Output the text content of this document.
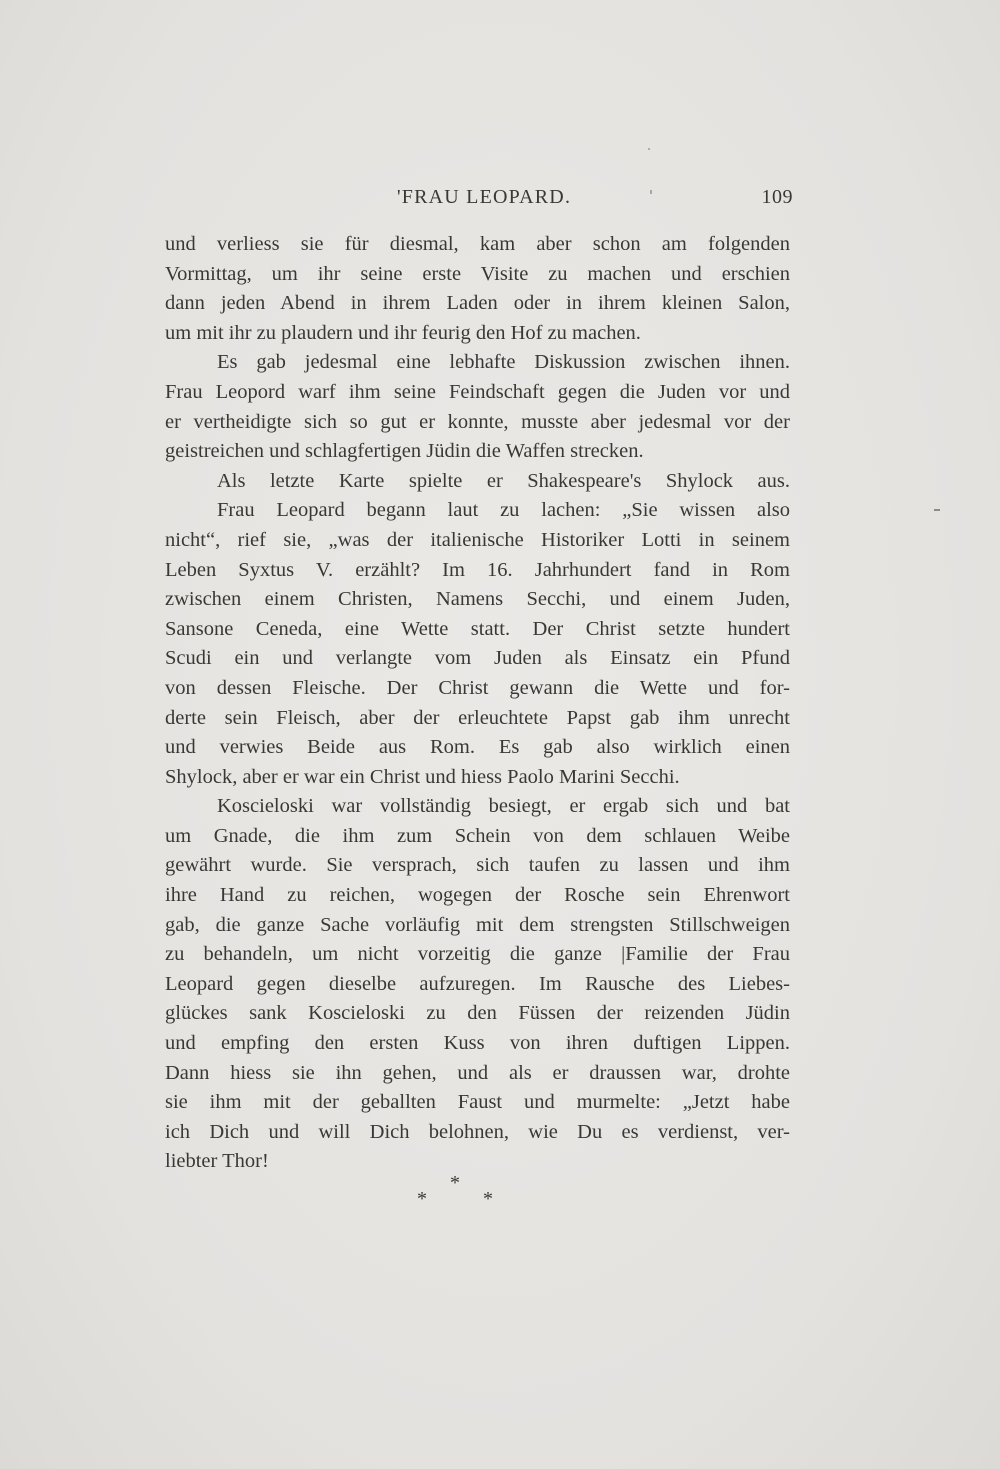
'FRAU LEOPARD.	109
und verliess sie für diesmal, kam aber schon am folgenden
Vormittag, um ihr seine erste Visite zu machen und erschien
dann jeden Abend in ihrem Laden oder in ihrem kleinen Salon,
um mit ihr zu plaudern und ihr feurig den Hof zu machen.
Es gab jedesmal eine lebhafte Diskussion zwischen ihnen.
Frau Leopord warf ihm seine Feindschaft gegen die Juden vor und
er vertheidigte sich so gut er konnte, musste aber jedesmal vor der
geistreichen und schlagfertigen Jüdin die Waffen strecken.
Als letzte Karte spielte er Shakespeare's Shylock aus.
Frau Leopard begann laut zu lachen: „Sie wissen also
nicht“, rief sie, „was der italienische Historiker Lotti in seinem
Leben Syxtus V. erzählt? Im 16. Jahrhundert fand in Rom
zwischen einem Christen, Namens Secchi, und einem Juden,
Sansone Ceneda, eine Wette statt. Der Christ setzte hundert
Scudi ein und verlangte vom Juden als Einsatz ein Pfund
von dessen Fleische. Der Christ gewann die Wette und for-
derte sein Fleisch, aber der erleuchtete Papst gab ihm unrecht
und verwies Beide aus Rom. Es gab also wirklich einen
Shylock, aber er war ein Christ und hiess Paolo Marini Secchi.
Koscieloski war vollständig besiegt, er ergab sich und bat
um Gnade, die ihm zum Schein von dem schlauen Weibe
gewährt wurde. Sie versprach, sich taufen zu lassen und ihm
ihre Hand zu reichen, wogegen der Rosche sein Ehrenwort
gab, die ganze Sache vorläufig mit dem strengsten Stillschweigen
zu behandeln, um nicht vorzeitig die ganze |Familie der Frau
Leopard gegen dieselbe aufzuregen. Im Rausche des Liebes-
glückes sank Koscieloski zu den Füssen der reizenden Jüdin
und empfing den ersten Kuss von ihren duftigen Lippen.
Dann hiess sie ihn gehen, und als er draussen war, drohte
sie ihm mit der geballten Faust und murmelte: „Jetzt habe
ich Dich und will Dich belohnen, wie Du es verdienst, ver-
liebter Thor!
*
*	*
